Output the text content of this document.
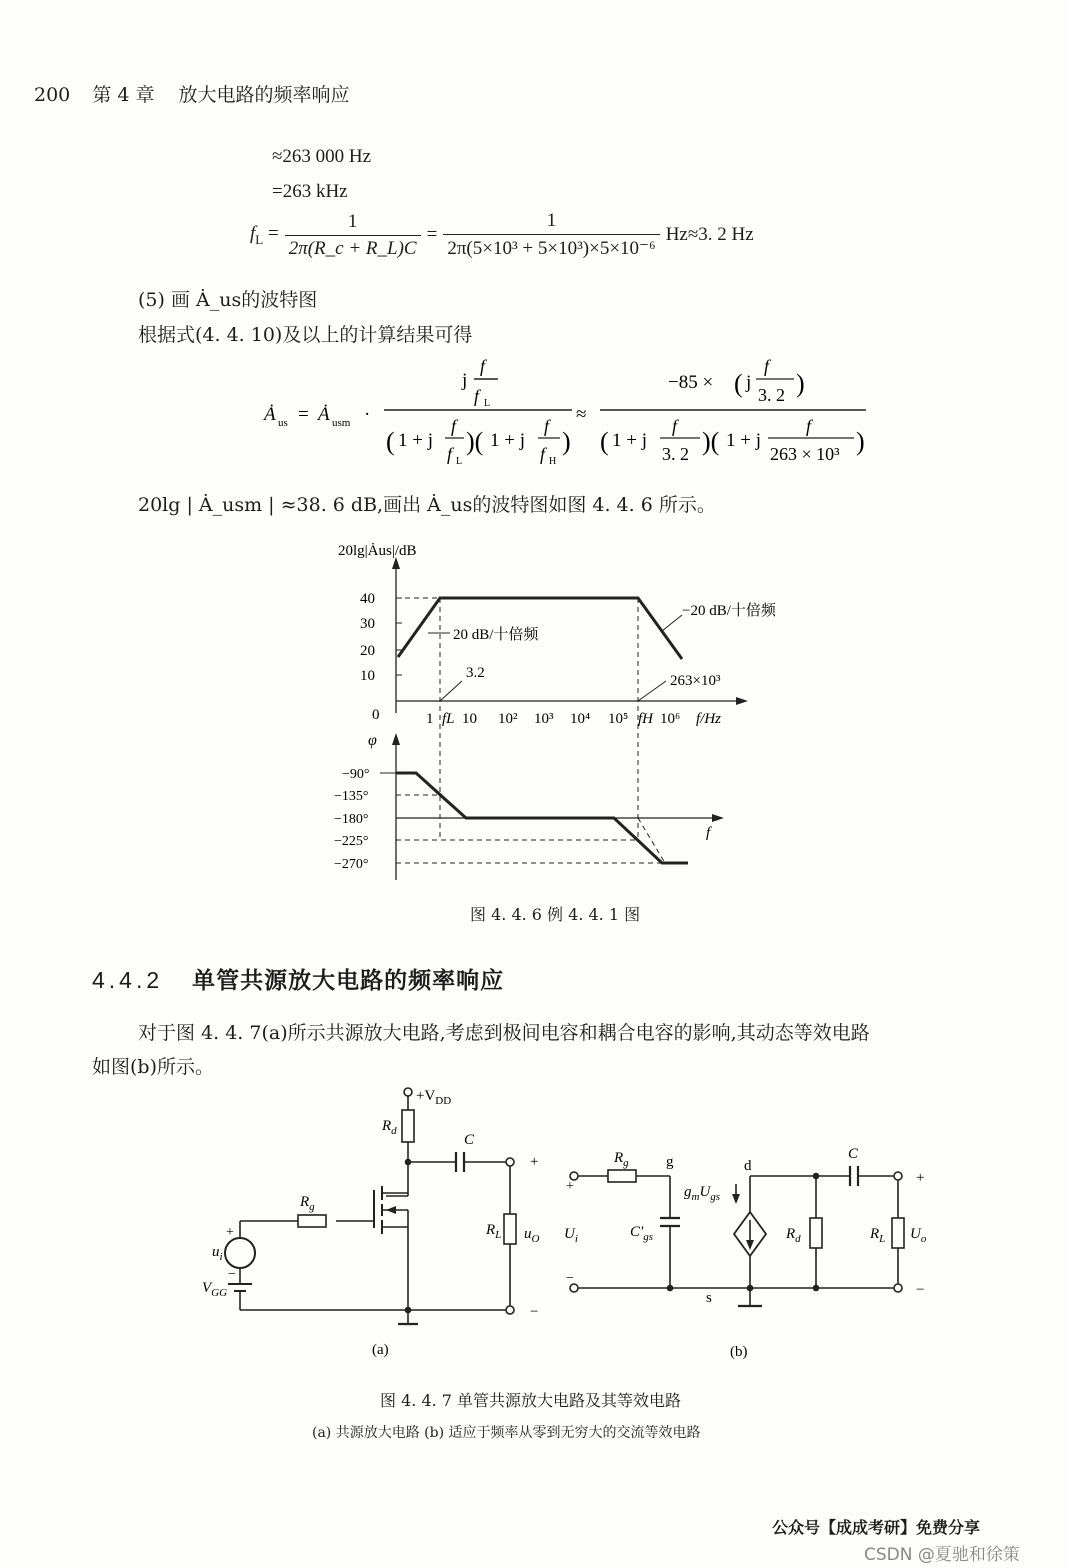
200 第 4 章 放大电路的频率响应
≈263 000 Hz
=263 kHz
$f_L = \frac{1}{2\pi(R\_c + R\_L)C} = \frac{1}{\text{2π(5×10³ + 5×10³)×5×10⁻⁶}} Hz\approx 3$. 2 Hz
(5) 画 Ȧ_us的波特图
根据式(4. 4. 10)及以上的计算结果可得
Ȧ us = Ȧ usm ·
j
f
f L
( 1 + j
f
f L
)( 1 + j
f
f H
)
≈
−85 × ( j
f
3. 2 )
( 1 + j
f
3. 2 )( 1 + j
f
263 × 10³ )
20lg | Ȧ_usm | ≈38. 6 dB,画出 Ȧ_us的波特图如图 4. 4. 6 所示。
20lg|Ȧus|/dB
40
30
20
10
0
20 dB/十倍频
−20 dB/十倍频
3.2	263×10³
1 fL 10 10² 10³ 10⁴ 10⁵ fH 10⁶ f/Hz
φ
−90°
−135°
−180°
−225°
−270°
f
图 4. 4. 6 例 4. 4. 1 图
4.4.2 单管共源放大电路的频率响应
对于图 4. 4. 7(a)所示共源放大电路,考虑到极间电容和耦合电容的影响,其动态等效电路
如图(b)所示。
$+V_{DD}$
$R_d$
C
$R_g$
$R_L$ $u_O$
+
−
+
$u_i$
−
$V_{GG}$
(a)
$R_g$ g	d
s
$g_mU_{gs}$
$C'_{gs}$
+
$U_i$
−
$R_d$
C
$R_L$ $U_o$
+
−
(b)
图 4. 4. 7 单管共源放大电路及其等效电路
(a) 共源放大电路 (b) 适应于频率从零到无穷大的交流等效电路
公众号【成成考研】免费分享
CSDN @夏驰和徐策
